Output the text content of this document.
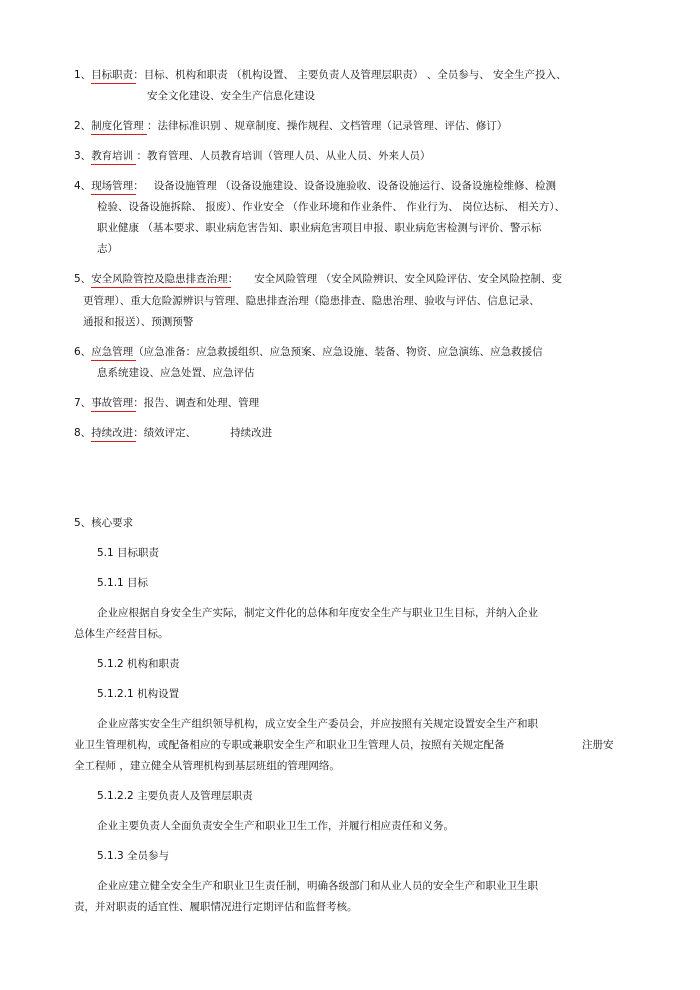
1、目标职责：目标、机构和职责 （机构设置、 主要负责人及管理层职责） 、全员参与、 安全生产投入、
安全文化建设、安全生产信息化建设
2、制度化管理 ：法律标准识别 、规章制度、操作规程、文档管理（记录管理、评估、修订）
3、教育培训 ：教育管理、人员教育培训（管理人员、从业人员、外来人员）
4、现场管理： 设备设施管理 （设备设施建设、设备设施验收、设备设施运行、设备设施检维修、检测
检验、设备设施拆除、 报废）、作业安全 （作业环境和作业条件、 作业行为、 岗位达标、 相关方）、
职业健康 （基本要求、职业病危害告知、职业病危害项目申报、职业病危害检测与评价、警示标
志）
5、安全风险管控及隐患排查治理： 安全风险管理 （安全风险辨识、安全风险评估、安全风险控制、变
更管理）、重大危险源辨识与管理、隐患排查治理（隐患排查、隐患治理、验收与评估、信息记录、
通报和报送）、预测预警
6、应急管理（应急准备：应急救援组织、应急预案、应急设施、装备、物资、应急演练、应急救援信
息系统建设、应急处置、应急评估
7、事故管理：报告、调查和处理、管理
8、持续改进：绩效评定、	持续改进
5、核心要求
5.1 目标职责
5.1.1 目标
企业应根据自身安全生产实际，制定文件化的总体和年度安全生产与职业卫生目标，并纳入企业
总体生产经营目标。
5.1.2 机构和职责
5.1.2.1 机构设置
企业应落实安全生产组织领导机构，成立安全生产委员会，并应按照有关规定设置安全生产和职
业卫生管理机构，或配备相应的专职或兼职安全生产和职业卫生管理人员，按照有关规定配备	注册安
全工程师 ，建立健全从管理机构到基层班组的管理网络。
5.1.2.2 主要负责人及管理层职责
企业主要负责人全面负责安全生产和职业卫生工作，并履行相应责任和义务。
5.1.3 全员参与
企业应建立健全安全生产和职业卫生责任制，明确各级部门和从业人员的安全生产和职业卫生职
责，并对职责的适宜性、履职情况进行定期评估和监督考核。
